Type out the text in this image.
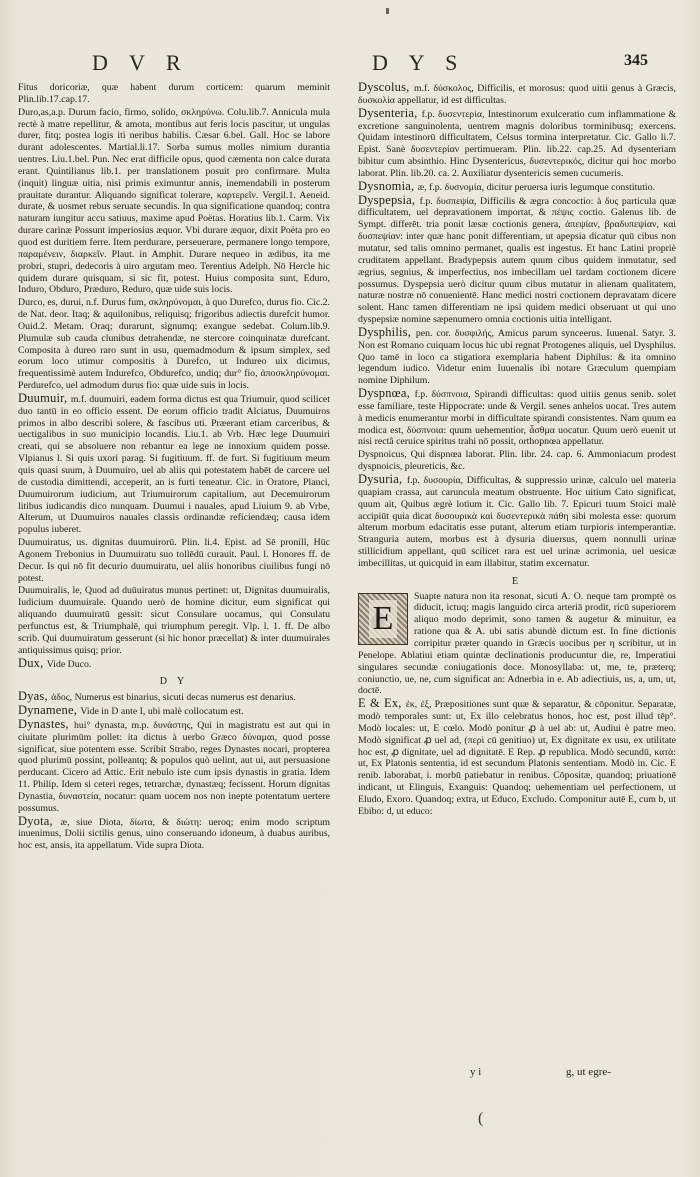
D V R	D Y S	345
Fitus doricoriæ, quæ habent durum corticem: quarum meminit Plin.lib.17.cap.17.
Duro,as,a.p. Durum facio, firmo, solido, σκληρύνω. Colu.lib.7. Annicula mula rectè à matre repellitur, & amota, montibus aut feris locis pascitur, ut ungulas durer, fitq; postea logis iti neribus habilis. Cæsar 6.bel. Gall. Hoc se labore durant adolescentes. Martial.li.17. Sorba sumus molles nimium durantia uentres. Liu.1.bel. Pun. Nec erat difficile opus, quod cæmenta non calce durata erant. Quintilianus lib.1. per translationem posuit pro confirmare. Multa (inquit) linguæ uitia, nisi primis eximuntur annis, inemendabili in posterum prauitate durantur. Aliquando significat tolerare, καρτερεῖν. Vergil.1. Aeneid. durate, & uosmet rebus seruate secundis. In qua significatione quandoq; contra naturam iungitur accu satiuus, maxime apud Poëtas. Horatius lib.1. Carm. Vix durare carinæ Possunt imperiosius æquor. Vbi durare æquor, dixit Poëta pro eo quod est duritiem ferre. Item perdurare, perseuerare, permanere longo tempore, παραμένειν, διαρκεῖν. Plaut. in Amphit. Durare nequeo in ædibus, ita me probri, stupri, dedecoris à uiro argutam meo. Terentius Adelph. Nō Hercle hic quidem durare quisquam, si sic fit, potest. Huius composita sunt, Eduro, Induro, Obduro, Præduro, Reduro, quæ uide suis locis.
Durco, es, durui, n.f. Durus fum, σκληρύνομαι, à quo Durefco, durus fio. Cic.2. de Nat. deor. Itaq; & aquilonibus, reliquisq; frigoribus adiectis durefcit humor. Ouid.2. Metam. Oraq; durarunt, signumq; exangue sedebat. Colum.lib.9. Plumulæ sub cauda clunibus detrahendæ, ne stercore coinquinatæ durefcant. Composita à dureo raro sunt in usu, quemadmodum & ipsum simplex, sed eorum loco utimur compositis à Durefco, ut Indureo uix dicimus, frequentissimè autem Indurefco, Obdurefco, undiq; dur° fio, ἀποσκληρύνομαι. Perdurefco, uel admodum durus fio: quæ uide suis in locis.
Duumuir, m.f. duumuiri, eadem forma dictus est qua Triumuir, quod scilicet duo tantū in eo officio essent. De eorum officio tradit Alciatus, Duumuiros primos in albo describi solere, & fascibus uti. Præerant etiam carceribus, & uectigalibus in suo municipio locandis. Liu.1. ab Vrb. Hæc lege Duumuiri creati, qui se absoluere non rebantur ea lege ne innoxium quidem posse. Vlpianus l. Si quis uxori parag. Si fugitiuum. ff. de furt. Si fugitiuum meum quis quasi suum, à Duumuiro, uel ab aliis qui potestatem habēt de carcere uel de custodia dimittendi, acceperit, an is furti teneatur. Cic. in Oratore, Planci, Duumuirorum iudicium, aut Triumuirorum capitalium, aut Decemuirorum litibus iudicandis dico nunquam. Duumui i nauales, apud Liuium 9. ab Vrbe, Alterum, ut Duumuiros nauales classis ordinandæ reficiendæq; causa idem populus iuberet.
Duumuiratus, us. dignitas duumuirorū. Plin. li.4. Epist. ad Sē pronill, Hūc Agonem Trebonius in Duumuiratu suo tollēdū curauit. Paul. l. Honores ff. de Decur. Is qui nō fit decurio duumuiratu, uel aliis honoribus ciuilibus fungi nō potest.
Duumuiralis, le, Quod ad duūuiratus munus pertinet: ut, Dignitas duumuiralis, Iudicium duumuirale. Quando uerò de homine dicitur, eum significat qui aliquando duumuiratū gessit: sicut Consulare uocamus, qui Consulatu perfunctus est, & Triumphalē, qui triumphum peregit. Vlp. l. 1. ff. De albo scrib. Qui duumuiratum gesserunt (si hic honor præcellat) & inter duumuirales antiquissimus quisq; prior.
Dux, Vide Duco.
D Y
Dyas, ἀδος, Numerus est binarius, sicuti decas numerus est denarius.
Dynamene, Vide in D ante I, ubi malè collocatum est.
Dynastes, hui° dynasta, m.p. δυνάστης, Qui in magistratu est aut qui in ciuitate plurimūm pollet: ita dictus à uerbo Græco δύναμαι, quod posse significat, siue potentem esse. Scribit Strabo, reges Dynastes nocari, propterea quod plurimū possint, polleantq; & populos quò uelint, aut ui, aut persuasione perducant. Cicero ad Attic. Erit nebulo iste cum ipsis dynastis in gratia. Idem 11. Philip. Idem si ceteri reges, tetrarchæ, dynastæq; fecissent. Horum dignitas Dynastia, δυναστεία, nocatur: quam uocem nos non inepte potentatum uertere possumus.
Dyota, æ, siue Diota, δίωτα, & διώτη: ueroq; enim modo scriptum inuenimus, Dolii sictilis genus, uino conseruando idoneum, à duabus auribus, hoc est, ansis, ita appellatum. Vide supra Diota.
Dyscolus, m.f. δύσκολος, Difficilis, et morosus: quod uitii genus à Græcis, δυσκολία appellatur, id est difficultas.
Dysenteria, f.p. δυσεντερία, Intestinorum exulceratio cum inflammatione & excretione sanguinolenta, uentrem magnis doloribus torminibusq; exercens. Quidam intestinorū difficultatem, Celsus tormina interpretatur. Cic. Gallo li.7. Epist. Sanè δυσεντερίαν pertimueram. Plin. lib.22. cap.25. Ad dysenteriam bibitur cum absinthio. Hinc Dysentericus, δυσεντερικός, dicitur qui hoc morbo laborat. Plin. lib.20. ca. 2. Auxiliatur dysentericis semen cucumeris.
Dysnomia, æ, f.p. δυσνομία, dicitur peruersa iuris legumque constitutio.
Dyspepsia, f.p. δυσπεψία, Difficilis & ægra concoctio: à δυς particula quæ difficultatem, uel depravationem importat, & πέψις coctio. Galenus lib. de Sympt. differēt. tria ponit læsæ coctionis genera, ἀπεψίαν, βραδυπεψίαν, καὶ δυσπεψίαν: inter quæ hanc ponit differentiam, ut apepsia dicatur quū cibus non mutatur, sed talis omnino permanet, qualis est ingestus. Et hanc Latini propriè cruditatem appellant. Bradypepsis autem quum cibus quidem inmutatur, sed ægrius, segnius, & imperfectius, nos imbecillam uel tardam coctionem dicere possumus. Dyspepsia uerò dicitur quum cibus mutatur in alienam qualitatem, naturæ nostræ nō conuenientē. Hanc medici nostri coctionem depravatam dicere solent. Hanc tamen differentiam ne ipsi quidem medici obseruant ut qui uno dyspepsiæ nomine sæpenumero omnia coctionis uitia intelligant.
Dysphilis, pen. cor. δυσφιλής, Amicus parum synceerus. Iuuenal. Satyr. 3. Non est Romano cuiquam locus hic ubi regnat Protogenes aliquis, uel Dysphilus. Quo tamē in loco ca stigatiora exemplaria habent Diphilus: & ita omnino legendum iudico. Videtur enim Iuuenalis ibi notare Græculum quempiam nomine Diphilum.
Dyspnœa, f.p. δύσπνοια, Spirandi difficultas: quod uitiis genus senib. solet esse familiare, teste Hippocrate: unde & Vergil. senes anhelos uocat. Tres autem à medicis enumerantur morbi in difficultate spirandi consistentes. Nam quum ea modica est, δύσπνοια: quum uehementior, ἆσθμα uocatur. Quum uerò euenit ut nisi rectâ ceruice spiritus trahi nō possit, orthopnœa appellatur.
Dyspnoicus, Qui dispnœa laborat. Plin. libr. 24. cap. 6. Ammoniacum prodest dyspnoicis, pleureticis, &c.
Dysuria, f.p. δυσουρία, Difficultas, & suppressio urinæ, calculo uel materia quapiam crassa, aut caruncula meatum obstruente. Hoc uitium Cato significat, quum ait, Quibus ægrè lotium it. Cic. Gallo lib. 7. Epicuri tuum Stoici malè accipiūt quia dicat δυσουρικὰ καὶ δυσεντερικὰ πάθη sibi molesta esse: quorum alterum morbum edacitatis esse putant, alterum etiam turpioris intemperantiæ. Stranguria autem, morbus est à dysuria diuersus, quem nonnulli urinæ stillicidium appellant, quū scilicet rara est uel urinæ acrimonia, uel uesicæ imbecillitas, ut quicquid in eam illabitur, statim excernatur.
E
E
Suapte natura non ita resonat, sicuti A. O. neque tam promptè os diducit, ictuq; magis languido circa arteriā prodit, ricū superiorem aliquo modo deprimit, sono tamen & augetur & minuitur, ea ratione qua & A. ubi satis abundè dictum est. In fine dictionis corripitur præter quando in Græcis uocibus per η scribitur, ut in Penelope. Ablatiui etiam quintæ declinationis producuntur die, re, Imperatiui singulares secundæ coniugationis doce. Monosyllaba: ut, me, te, præterq; coniunctio, ue, ne, cum significat an: Adnerbia in e. Ab adiectiuis, us, a, um, ut, doctē.
E & Ex, ἐκ, ἐξ, Præpositiones sunt quæ & separatur, & cōponitur. Separatæ, modò temporales sunt: ut, Ex illo celebratus honos, hoc est, post illud tēp°. Modò locales: ut, E cœlo. Modò ponitur ꝓ à uel ab: ut, Audiui è patre meo. Modò significat ꝓ uel ad, (περὶ cū genitiuo) ut, Ex dignitate ex usu, ex utilitate hoc est, ꝓ dignitate, uel ad dignitatē. E Rep. ꝓ republica. Modò secundū, κατὰ: ut, Ex Platonis sententia, id est secundum Platonis sententiam. Modò in. Cic. E renib. laborabat, i. morbū patiebatur in renibus. Cōpositæ, quandoq; priuationē indicant, ut Elinguis, Exanguis: Quandoq; uehementiam uel perfectionem, ut Eludo, Exoro. Quandoq; extra, ut Educo, Excludo. Componitur autē E, cum b, ut Ebibo: d, ut educo:
y i	g, ut egre-
(
